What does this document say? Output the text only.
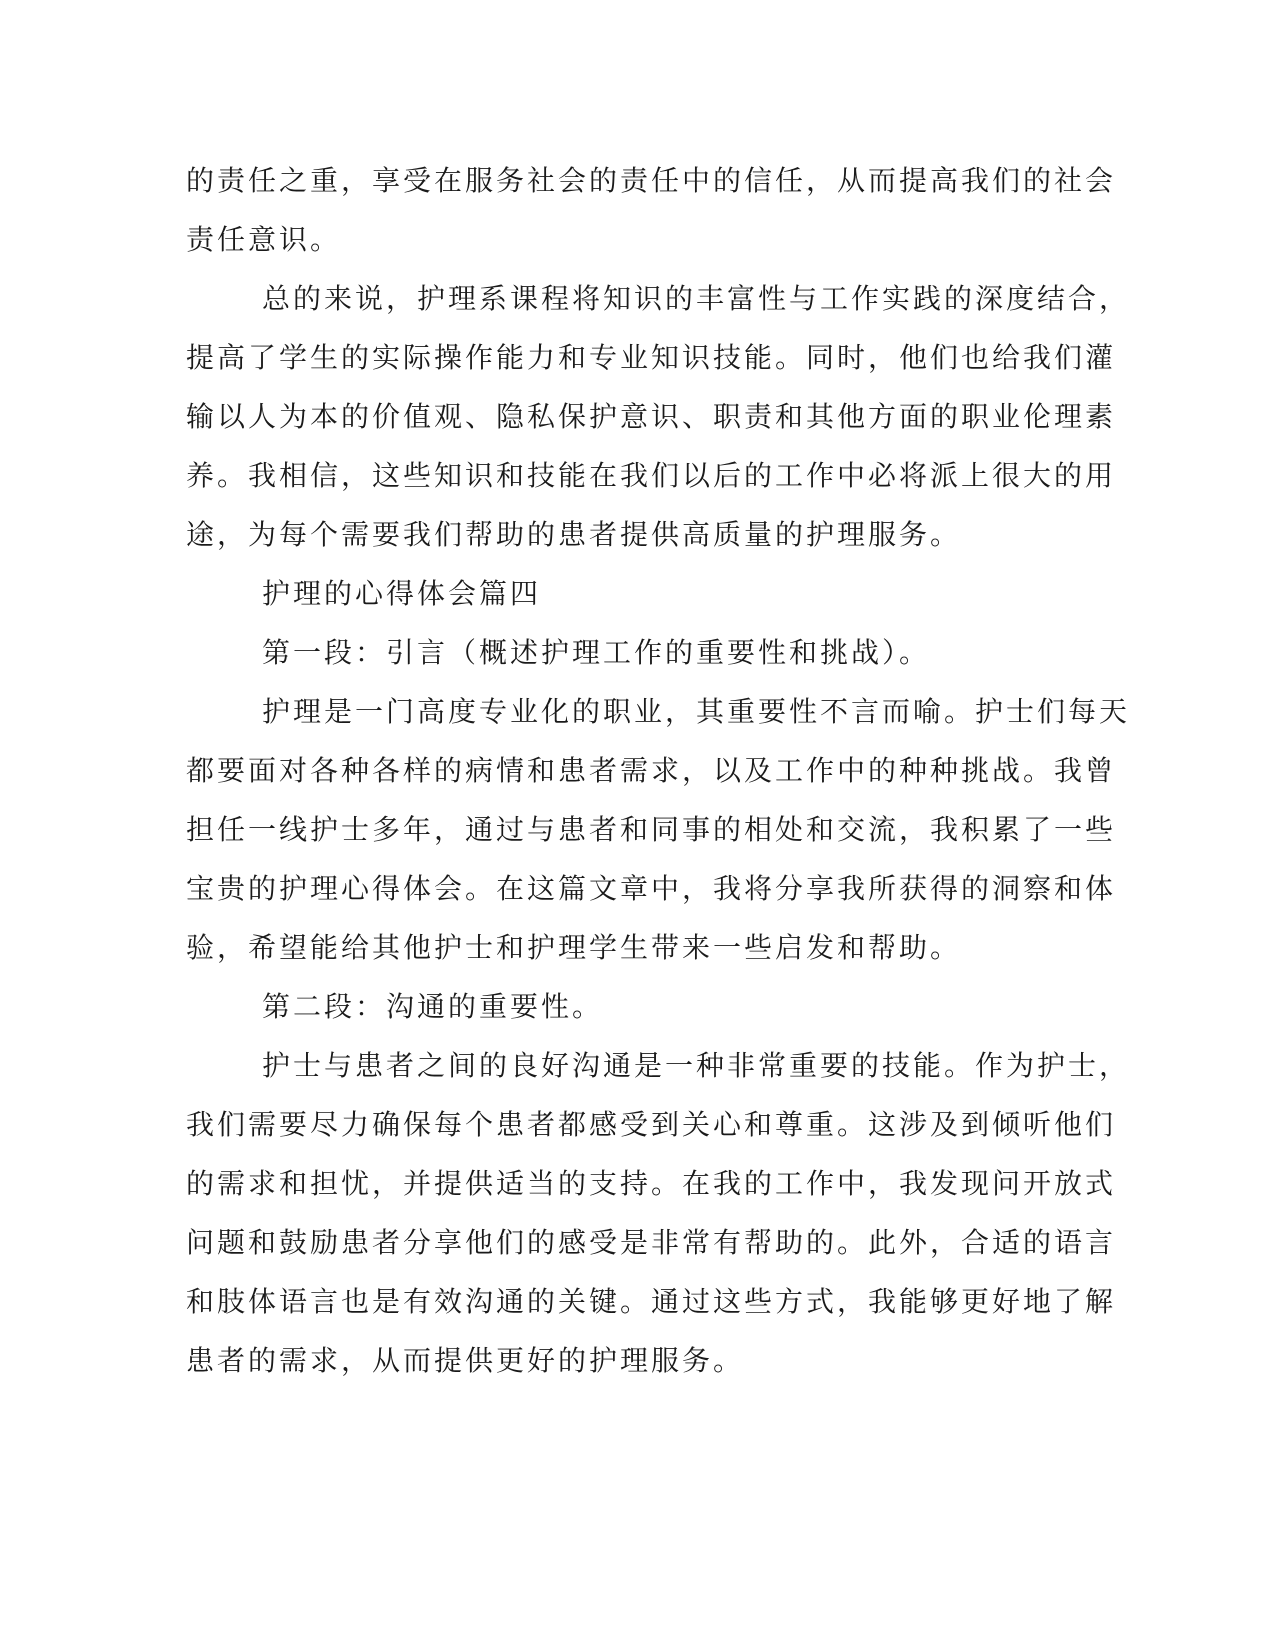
的责任之重，享受在服务社会的责任中的信任，从而提高我们的社会
责任意识。
总的来说，护理系课程将知识的丰富性与工作实践的深度结合，
提高了学生的实际操作能力和专业知识技能。同时，他们也给我们灌
输以人为本的价值观、隐私保护意识、职责和其他方面的职业伦理素
养。我相信，这些知识和技能在我们以后的工作中必将派上很大的用
途，为每个需要我们帮助的患者提供高质量的护理服务。
护理的心得体会篇四
第一段：引言（概述护理工作的重要性和挑战）。
护理是一门高度专业化的职业，其重要性不言而喻。护士们每天
都要面对各种各样的病情和患者需求，以及工作中的种种挑战。我曾
担任一线护士多年，通过与患者和同事的相处和交流，我积累了一些
宝贵的护理心得体会。在这篇文章中，我将分享我所获得的洞察和体
验，希望能给其他护士和护理学生带来一些启发和帮助。
第二段：沟通的重要性。
护士与患者之间的良好沟通是一种非常重要的技能。作为护士，
我们需要尽力确保每个患者都感受到关心和尊重。这涉及到倾听他们
的需求和担忧，并提供适当的支持。在我的工作中，我发现问开放式
问题和鼓励患者分享他们的感受是非常有帮助的。此外，合适的语言
和肢体语言也是有效沟通的关键。通过这些方式，我能够更好地了解
患者的需求，从而提供更好的护理服务。
